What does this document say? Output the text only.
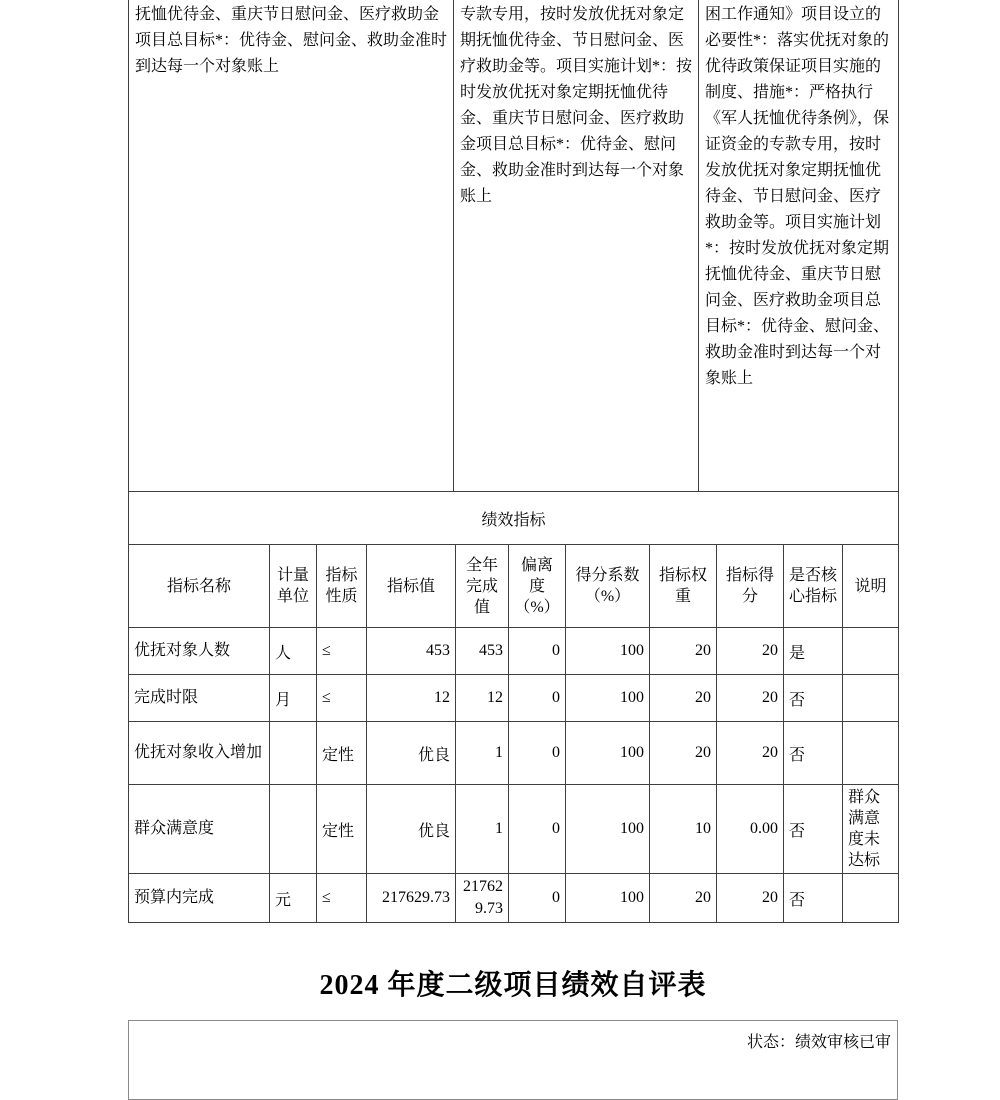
抚恤优待金、重庆节日慰问金、医疗救助金项目总目标*：优待金、慰问金、救助金准时到达每一个对象账上	专款专用，按时发放优抚对象定期抚恤优待金、节日慰问金、医疗救助金等。项目实施计划*：按时发放优抚对象定期抚恤优待金、重庆节日慰问金、医疗救助金项目总目标*：优待金、慰问金、救助金准时到达每一个对象账上	困工作通知》项目设立的必要性*：落实优抚对象的优待政策保证项目实施的制度、措施*：严格执行《军人抚恤优待条例》，保证资金的专款专用，按时发放优抚对象定期抚恤优待金、节日慰问金、医疗救助金等。项目实施计划*：按时发放优抚对象定期抚恤优待金、重庆节日慰问金、医疗救助金项目总目标*：优待金、慰问金、救助金准时到达每一个对象账上
绩效指标										
指标名称	计量单位	指标性质	指标值	全年完成值	偏离度（%）	得分系数（%）	指标权重	指标得分	是否核心指标	说明
优抚对象人数	人	≤	453	453	0	100	20	20	是	
完成时限	月	≤	12	12	0	100	20	20	否	
优抚对象收入增加		定性	优良	1	0	100	20	20	否	
群众满意度		定性	优良	1	0	100	10	0.00	否	群众满意度未达标
预算内完成	元	≤	217629.73	217629.73	0	100	20	20	否	
2024 年度二级项目绩效自评表
状态：绩效审核已审
